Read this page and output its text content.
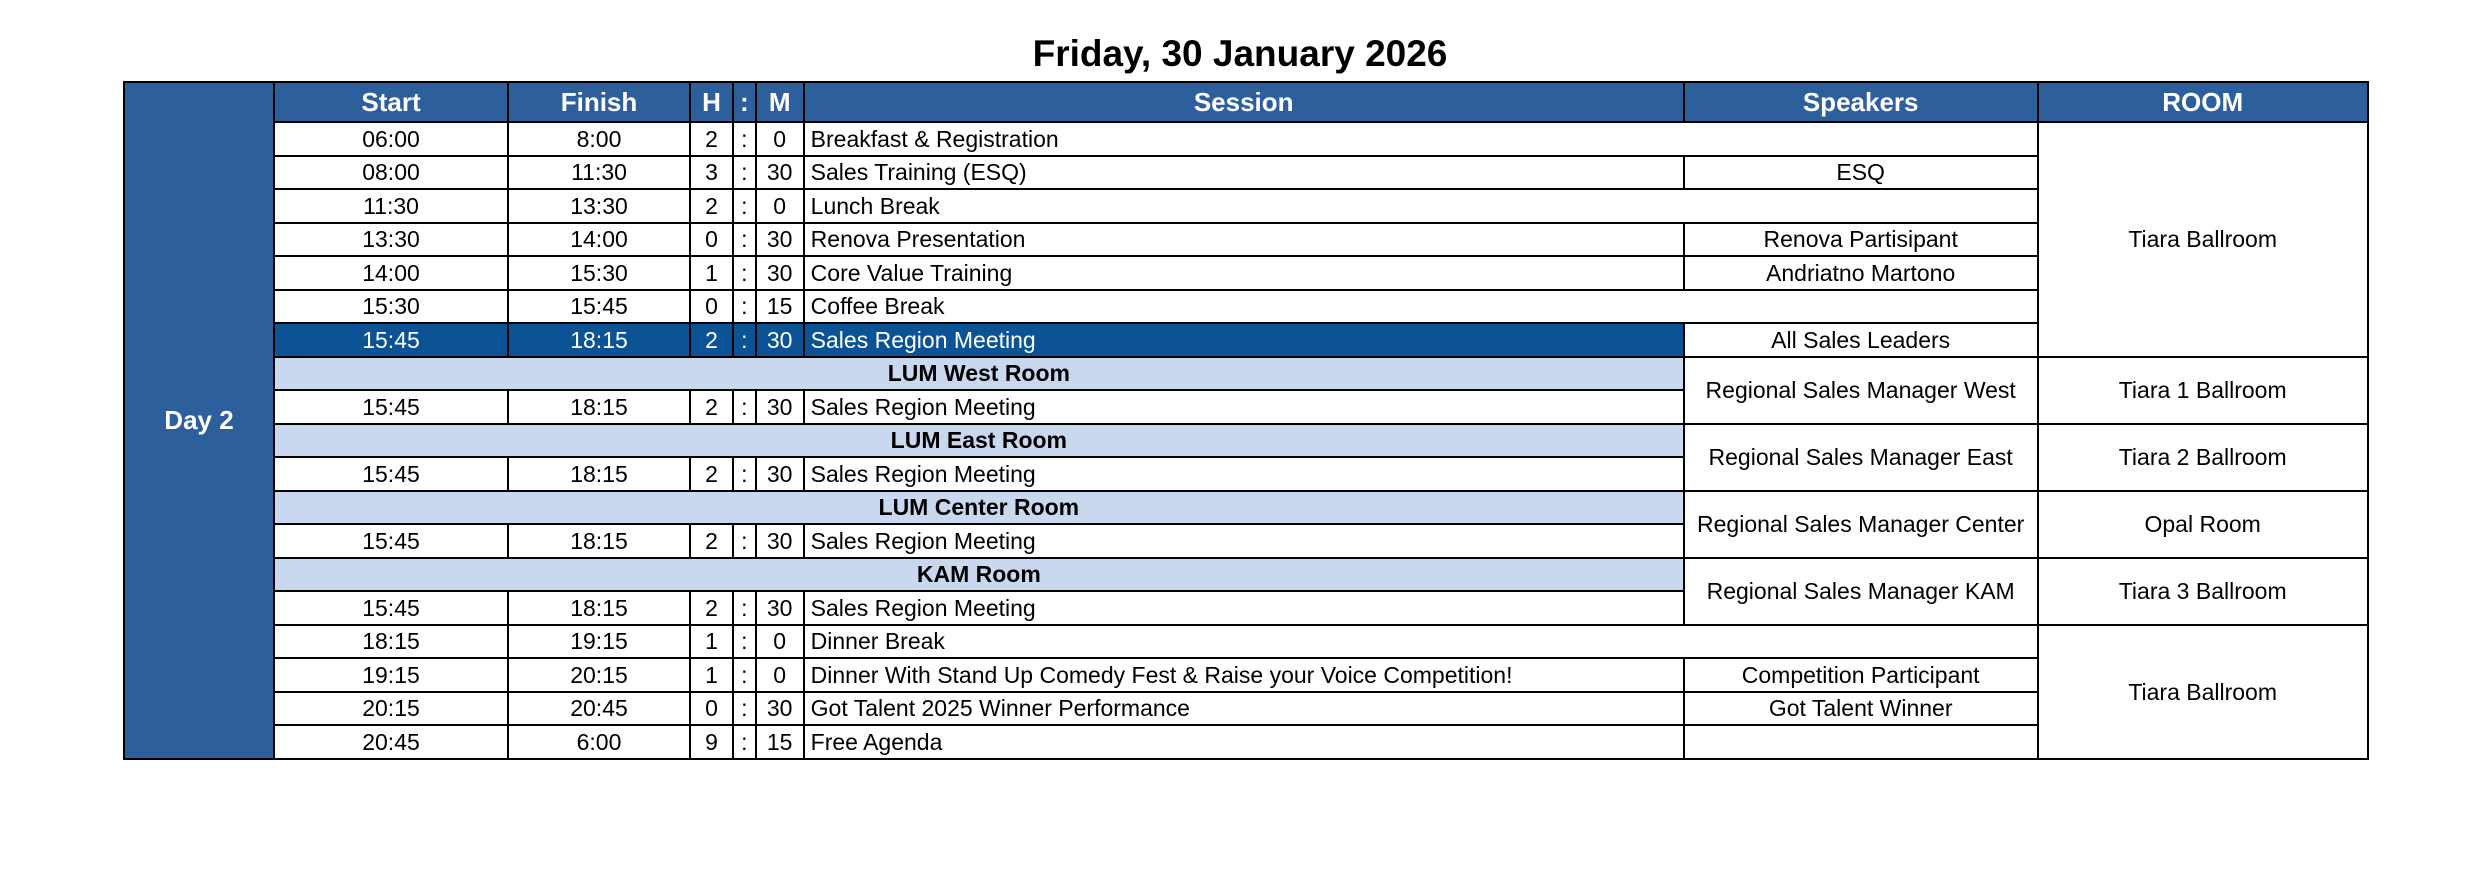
Friday, 30 January 2026
Day 2	Start	Finish	H	:	M	Session	Speakers	ROOM
	06:00	8:00	2	:	0	Breakfast & Registration		Tiara Ballroom
	08:00	11:30	3	:	30	Sales Training (ESQ)	ESQ	
	11:30	13:30	2	:	0	Lunch Break		
	13:30	14:00	0	:	30	Renova Presentation	Renova Partisipant	
	14:00	15:30	1	:	30	Core Value Training	Andriatno Martono	
	15:30	15:45	0	:	15	Coffee Break		
	15:45	18:15	2	:	30	Sales Region Meeting	All Sales Leaders	
	LUM West Room						Regional Sales Manager West	Tiara 1 Ballroom
	15:45	18:15	2	:	30	Sales Region Meeting		
	LUM East Room						Regional Sales Manager East	Tiara 2 Ballroom
	15:45	18:15	2	:	30	Sales Region Meeting		
	LUM Center Room						Regional Sales Manager Center	Opal Room
	15:45	18:15	2	:	30	Sales Region Meeting		
	KAM Room						Regional Sales Manager KAM	Tiara 3 Ballroom
	15:45	18:15	2	:	30	Sales Region Meeting		
	18:15	19:15	1	:	0	Dinner Break		Tiara Ballroom
	19:15	20:15	1	:	0	Dinner With Stand Up Comedy Fest & Raise your Voice Competition!	Competition Participant	
	20:15	20:45	0	:	30	Got Talent 2025 Winner Performance	Got Talent Winner	
	20:45	6:00	9	:	15	Free Agenda		
